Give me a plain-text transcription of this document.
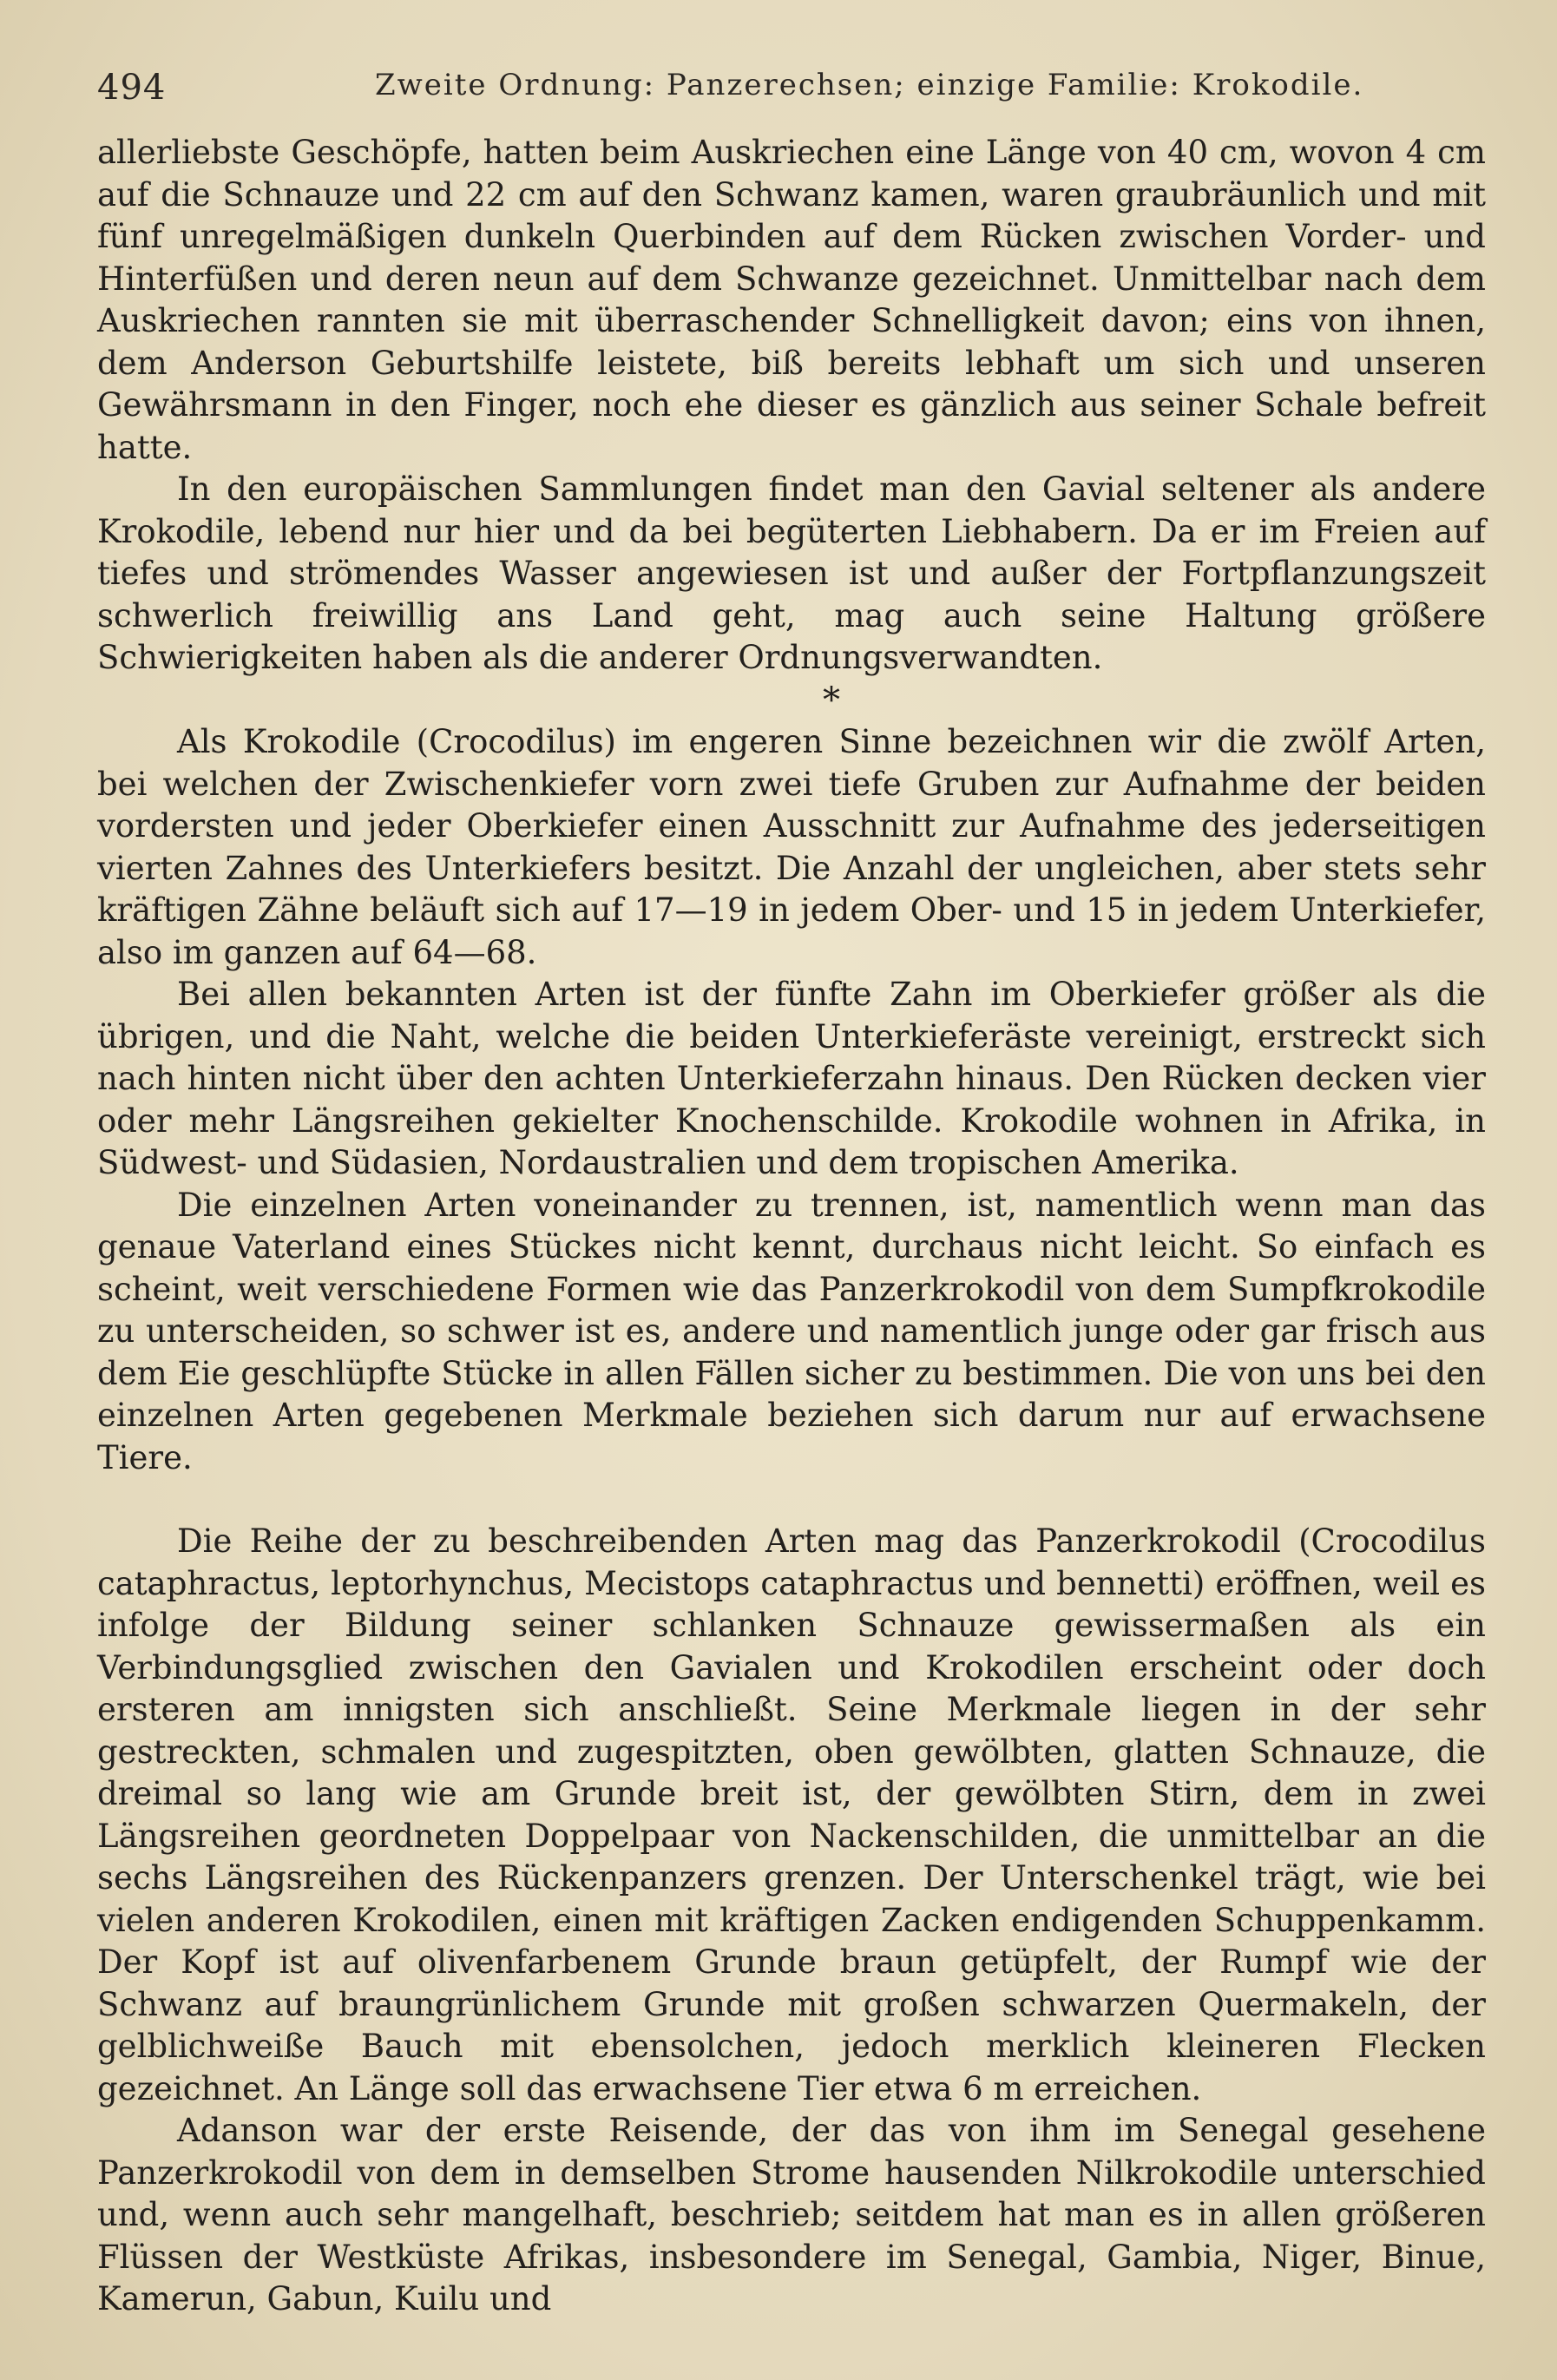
494	Zweite Ordnung: Panzerechsen; einzige Familie: Krokodile.

allerliebste Geschöpfe, hatten beim Auskriechen eine Länge von 40 cm, wovon 4 cm auf die Schnauze und 22 cm auf den Schwanz kamen, waren graubräunlich und mit fünf unregelmäßigen dunkeln Querbinden auf dem Rücken zwischen Vorder- und Hinterfüßen und deren neun auf dem Schwanze gezeichnet. Unmittelbar nach dem Auskriechen rannten sie mit überraschender Schnelligkeit davon; eins von ihnen, dem Anderson Geburtshilfe leistete, biß bereits lebhaft um sich und unseren Gewährsmann in den Finger, noch ehe dieser es gänzlich aus seiner Schale befreit hatte.

In den europäischen Sammlungen findet man den Gavial seltener als andere Krokodile, lebend nur hier und da bei begüterten Liebhabern. Da er im Freien auf tiefes und strömendes Wasser angewiesen ist und außer der Fortpflanzungszeit schwerlich freiwillig ans Land geht, mag auch seine Haltung größere Schwierigkeiten haben als die anderer Ordnungsverwandten.

*

Als Krokodile (Crocodilus) im engeren Sinne bezeichnen wir die zwölf Arten, bei welchen der Zwischenkiefer vorn zwei tiefe Gruben zur Aufnahme der beiden vordersten und jeder Oberkiefer einen Ausschnitt zur Aufnahme des jederseitigen vierten Zahnes des Unterkiefers besitzt. Die Anzahl der ungleichen, aber stets sehr kräftigen Zähne beläuft sich auf 17—19 in jedem Ober- und 15 in jedem Unterkiefer, also im ganzen auf 64—68.

Bei allen bekannten Arten ist der fünfte Zahn im Oberkiefer größer als die übrigen, und die Naht, welche die beiden Unterkieferäste vereinigt, erstreckt sich nach hinten nicht über den achten Unterkieferzahn hinaus. Den Rücken decken vier oder mehr Längsreihen gekielter Knochenschilde. Krokodile wohnen in Afrika, in Südwest- und Südasien, Nordaustralien und dem tropischen Amerika.

Die einzelnen Arten voneinander zu trennen, ist, namentlich wenn man das genaue Vaterland eines Stückes nicht kennt, durchaus nicht leicht. So einfach es scheint, weit verschiedene Formen wie das Panzerkrokodil von dem Sumpfkrokodile zu unterscheiden, so schwer ist es, andere und namentlich junge oder gar frisch aus dem Eie geschlüpfte Stücke in allen Fällen sicher zu bestimmen. Die von uns bei den einzelnen Arten gegebenen Merkmale beziehen sich darum nur auf erwachsene Tiere.

Die Reihe der zu beschreibenden Arten mag das Panzerkrokodil (Crocodilus cataphractus, leptorhynchus, Mecistops cataphractus und bennetti) eröffnen, weil es infolge der Bildung seiner schlanken Schnauze gewissermaßen als ein Verbindungsglied zwischen den Gavialen und Krokodilen erscheint oder doch ersteren am innigsten sich anschließt. Seine Merkmale liegen in der sehr gestreckten, schmalen und zugespitzten, oben gewölbten, glatten Schnauze, die dreimal so lang wie am Grunde breit ist, der gewölbten Stirn, dem in zwei Längsreihen geordneten Doppelpaar von Nackenschilden, die unmittelbar an die sechs Längsreihen des Rückenpanzers grenzen. Der Unterschenkel trägt, wie bei vielen anderen Krokodilen, einen mit kräftigen Zacken endigenden Schuppenkamm. Der Kopf ist auf olivenfarbenem Grunde braun getüpfelt, der Rumpf wie der Schwanz auf braungrünlichem Grunde mit großen schwarzen Quermakeln, der gelblichweiße Bauch mit ebensolchen, jedoch merklich kleineren Flecken gezeichnet. An Länge soll das erwachsene Tier etwa 6 m erreichen.

Adanson war der erste Reisende, der das von ihm im Senegal gesehene Panzerkrokodil von dem in demselben Strome hausenden Nilkrokodile unterschied und, wenn auch sehr mangelhaft, beschrieb; seitdem hat man es in allen größeren Flüssen der Westküste Afrikas, insbesondere im Senegal, Gambia, Niger, Binue, Kamerun, Gabun, Kuilu und
